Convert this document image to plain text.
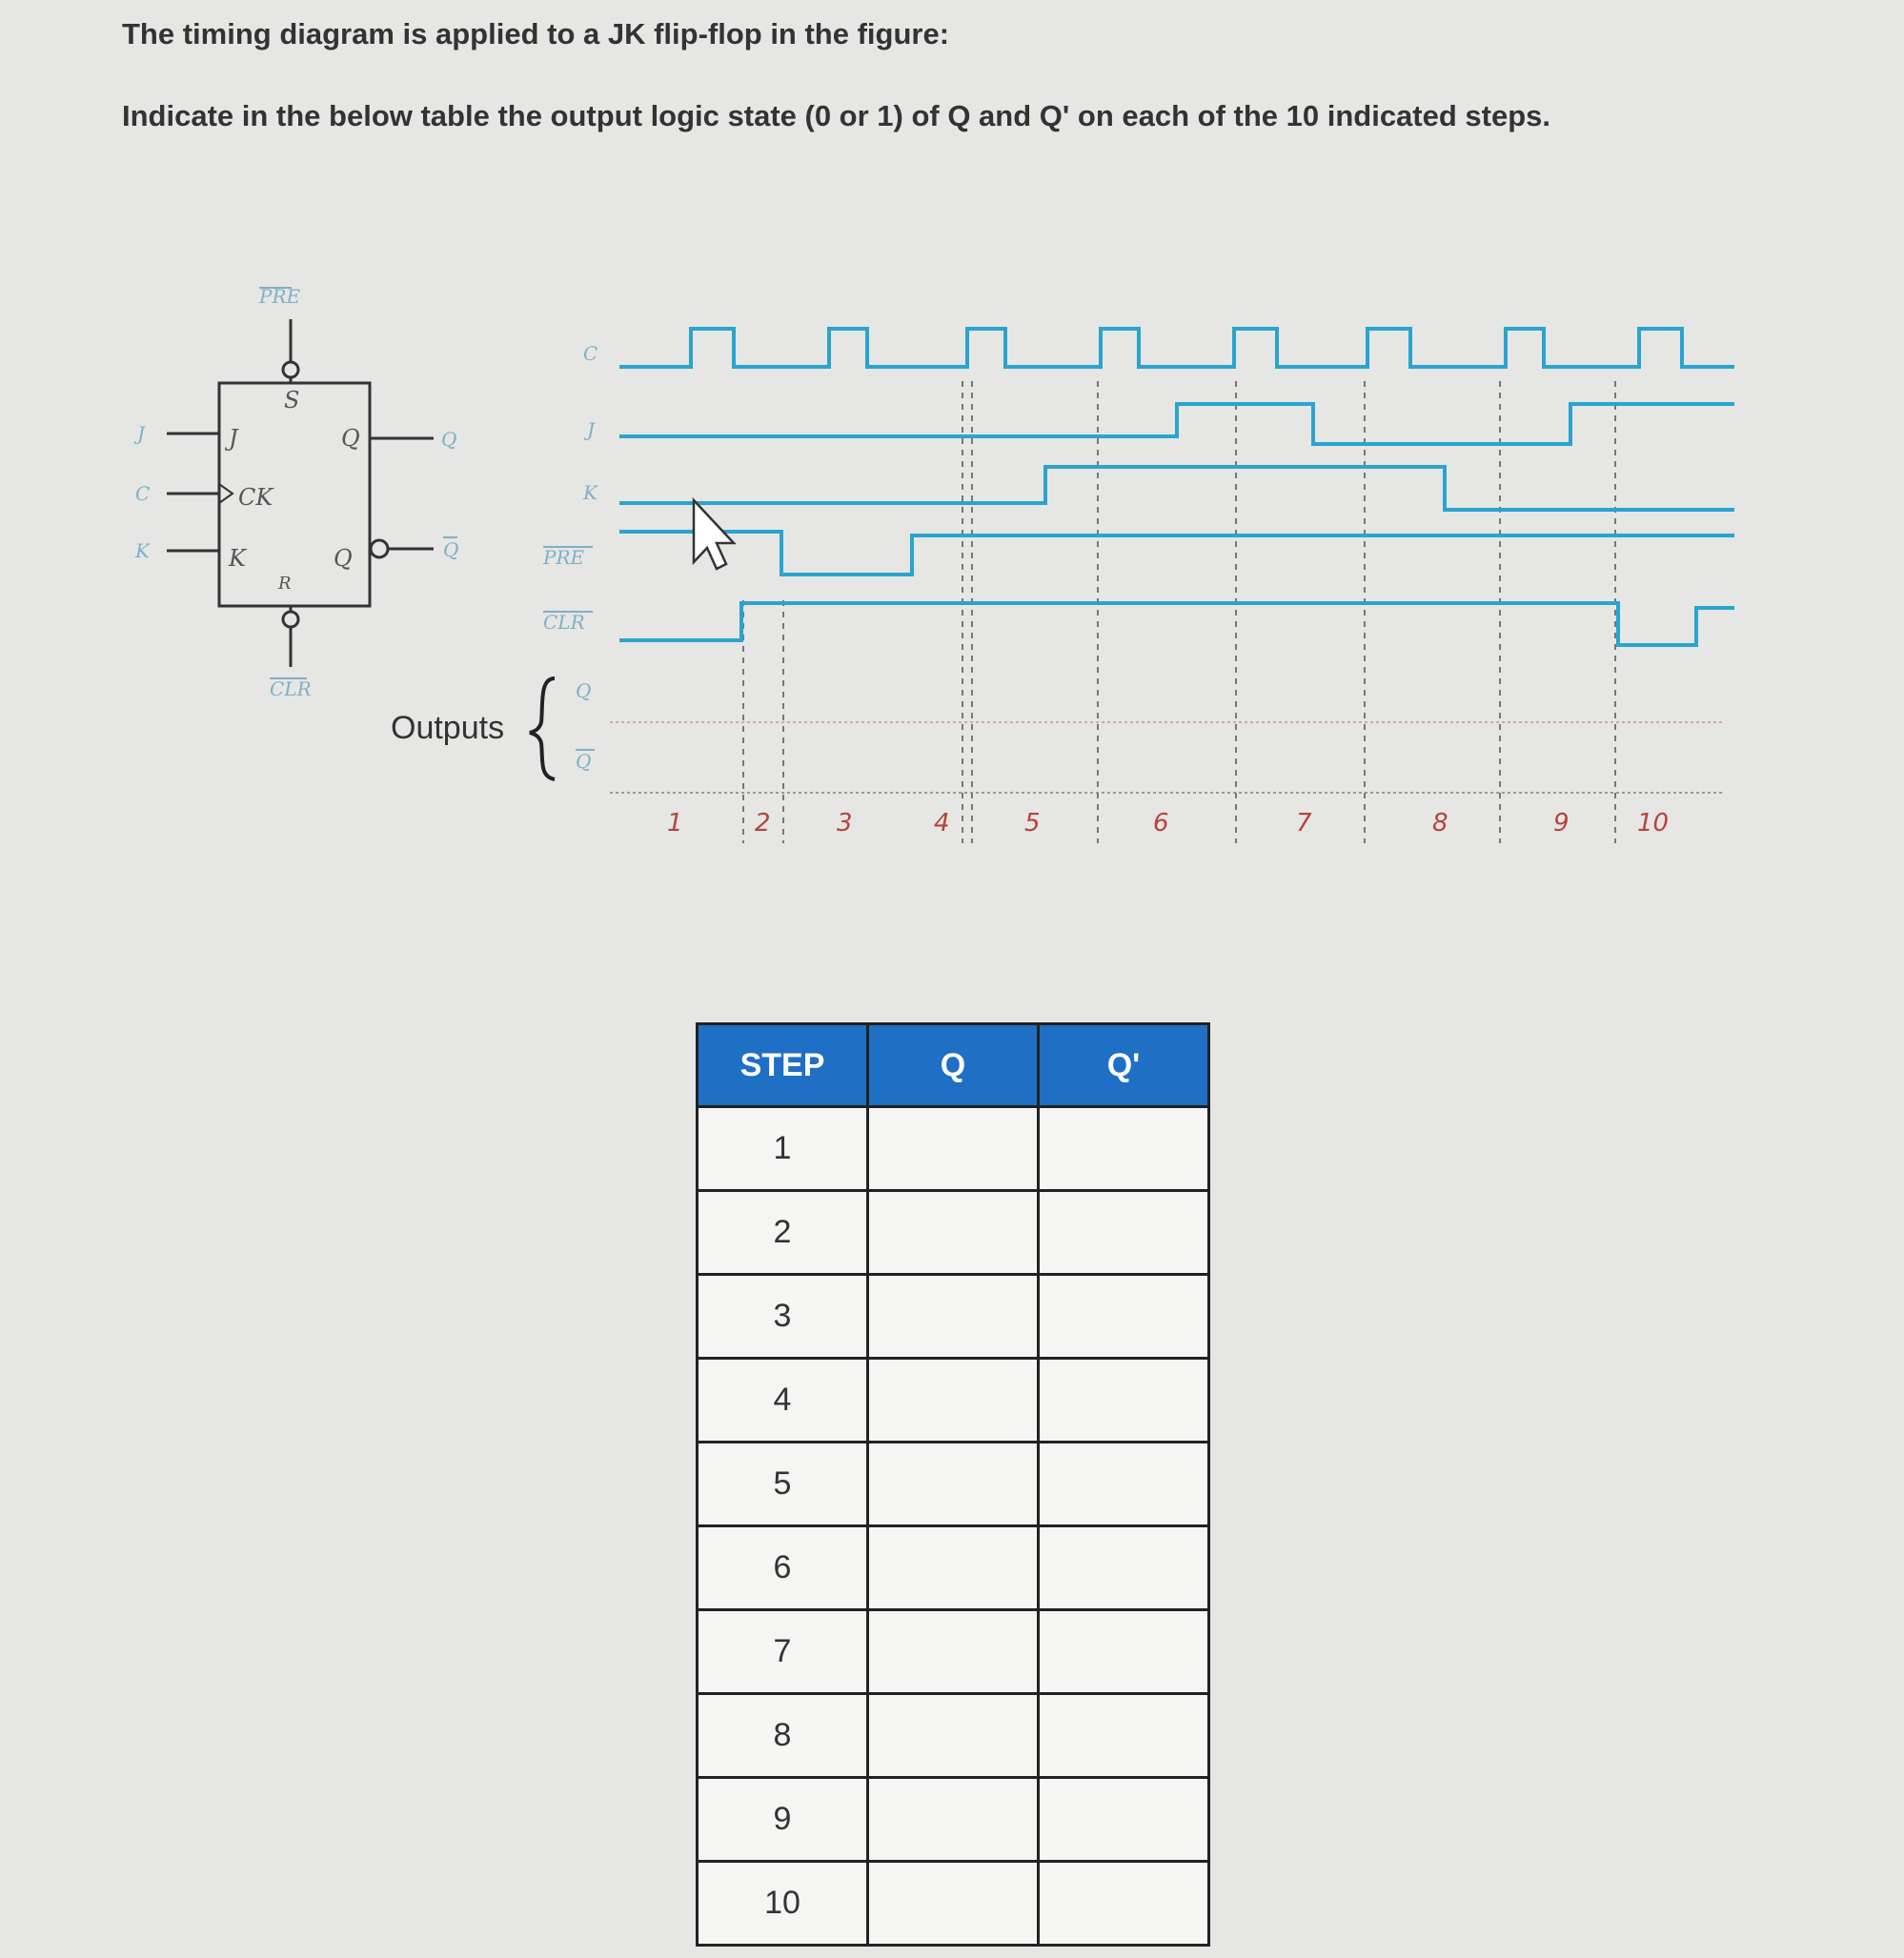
The timing diagram is applied to a JK flip-flop in the figure:

Indicate in the below table the output logic state (0 or 1) of Q and Q' on each of the 10 indicated steps.

PRE
S
J	J
C	CK
K	K
Q	Q
Q	Q
R
CLR
C
J
K
PRE
CLR
Outputs
Q
Q
1	2	3	4	5	6	7	8	9	10
STEP	Q	Q'
1		
2		
3		
4		
5		
6		
7		
8		
9		
10		
